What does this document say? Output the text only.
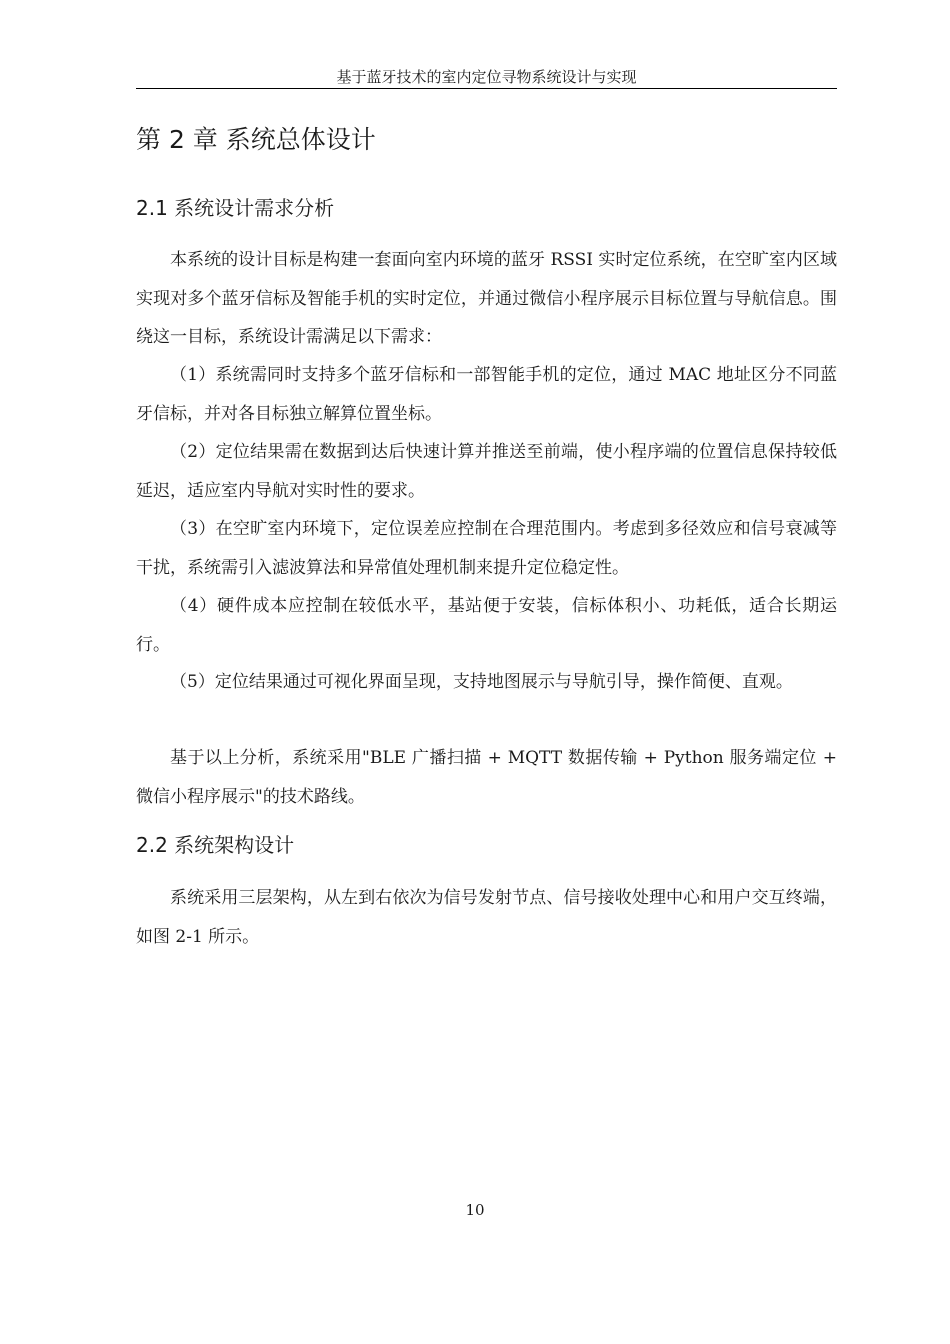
基于蓝牙技术的室内定位寻物系统设计与实现
第 2 章 系统总体设计
2.1 系统设计需求分析

本系统的设计目标是构建一套面向室内环境的蓝牙 RSSI 实时定位系统，在空旷室内区域实现对多个蓝牙信标及智能手机的实时定位，并通过微信小程序展示目标位置与导航信息。围绕这一目标，系统设计需满足以下需求：

（1）系统需同时支持多个蓝牙信标和一部智能手机的定位，通过 MAC 地址区分不同蓝牙信标，并对各目标独立解算位置坐标。

（2）定位结果需在数据到达后快速计算并推送至前端，使小程序端的位置信息保持较低延迟，适应室内导航对实时性的要求。

（3）在空旷室内环境下，定位误差应控制在合理范围内。考虑到多径效应和信号衰减等干扰，系统需引入滤波算法和异常值处理机制来提升定位稳定性。

（4）硬件成本应控制在较低水平，基站便于安装，信标体积小、功耗低，适合长期运行。

（5）定位结果通过可视化界面呈现，支持地图展示与导航引导，操作简便、直观。

基于以上分析，系统采用"BLE 广播扫描 + MQTT 数据传输 + Python 服务端定位 + 微信小程序展示"的技术路线。

2.2 系统架构设计

系统采用三层架构，从左到右依次为信号发射节点、信号接收处理中心和用户交互终端，如图 2-1 所示。

10
